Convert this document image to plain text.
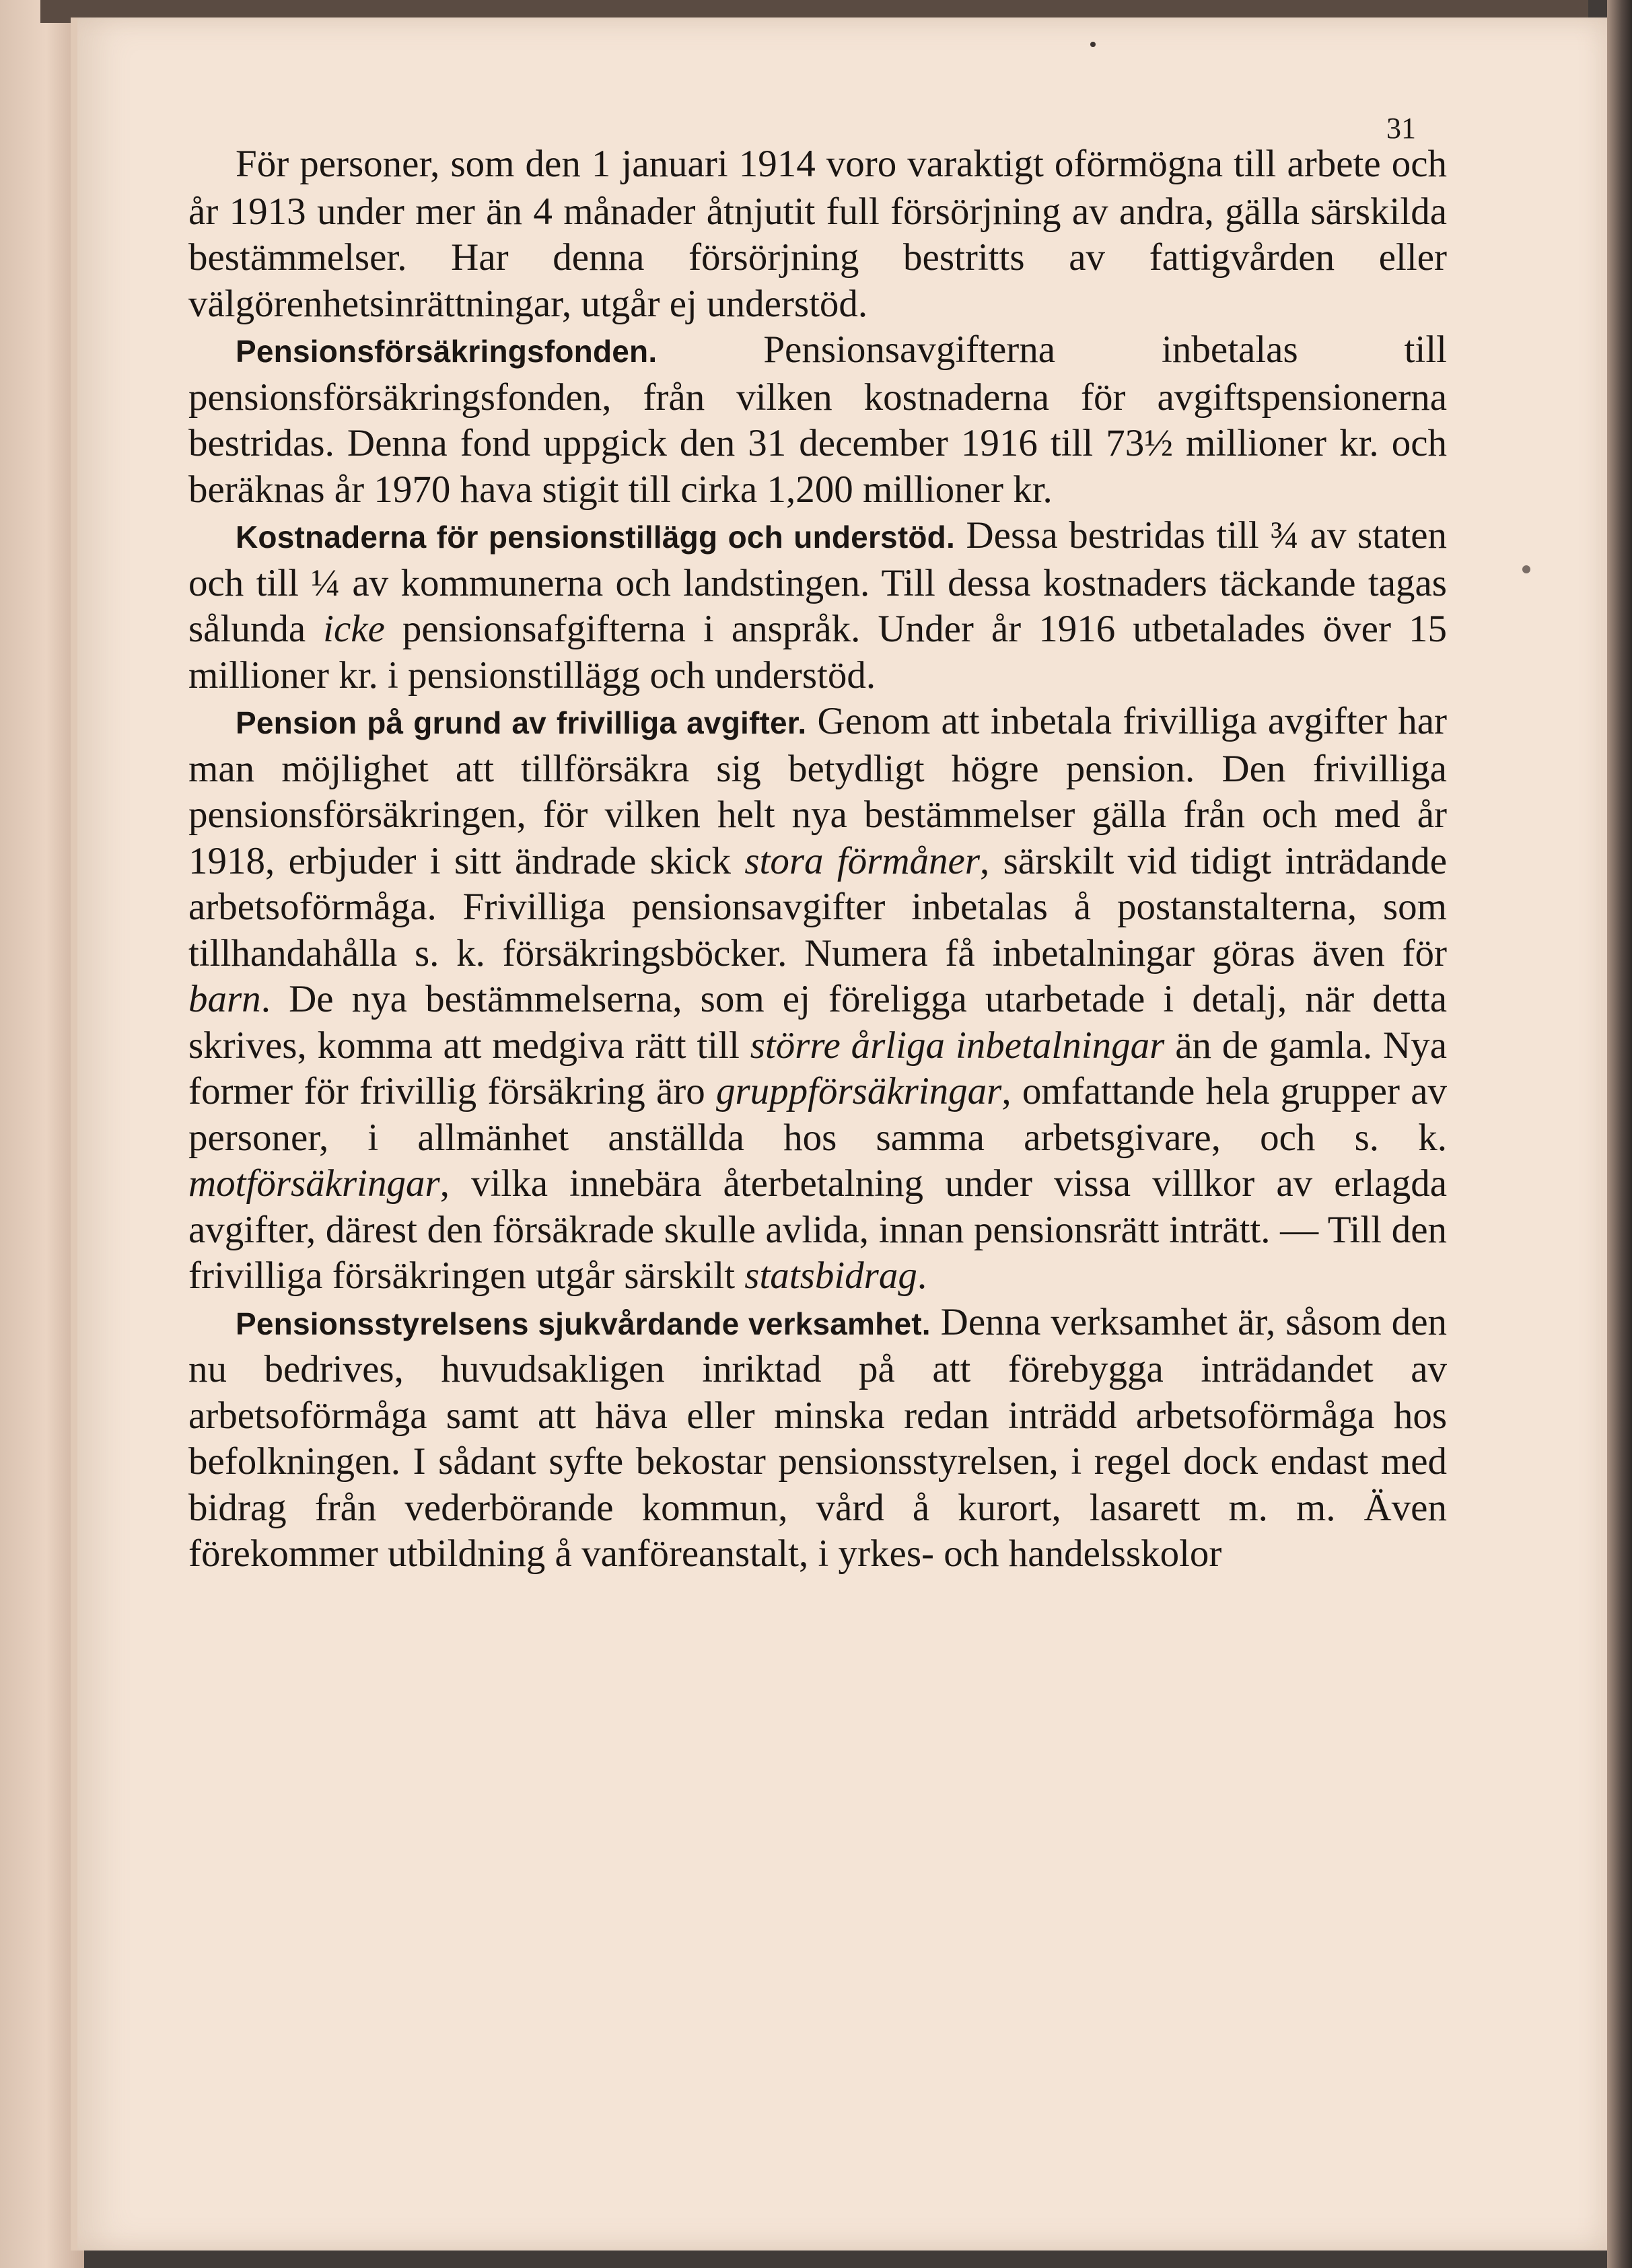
31

För personer, som den 1 januari 1914 voro varaktigt oförmögna till arbete och år 1913 under mer än 4 månader åtnjutit full försörjning av andra, gälla särskilda bestämmelser. Har denna försörjning bestritts av fattigvården eller välgörenhetsinrättningar, utgår ej understöd.

Pensionsförsäkringsfonden. Pensionsavgifterna inbetalas till pensionsförsäkringsfonden, från vilken kostnaderna för avgiftspensionerna bestridas. Denna fond uppgick den 31 december 1916 till 73½ millioner kr. och beräknas år 1970 hava stigit till cirka 1,200 millioner kr.

Kostnaderna för pensionstillägg och understöd. Dessa bestridas till ¾ av staten och till ¼ av kommunerna och landstingen. Till dessa kostnaders täckande tagas sålunda icke pensionsafgifterna i anspråk. Under år 1916 utbetalades över 15 millioner kr. i pensionstillägg och understöd.

Pension på grund av frivilliga avgifter. Genom att inbetala frivilliga avgifter har man möjlighet att tillförsäkra sig betydligt högre pension. Den frivilliga pensionsförsäkringen, för vilken helt nya bestämmelser gälla från och med år 1918, erbjuder i sitt ändrade skick stora förmåner, särskilt vid tidigt inträdande arbetsoförmåga. Frivilliga pensionsavgifter inbetalas å postanstalterna, som tillhandahålla s. k. försäkringsböcker. Numera få inbetalningar göras även för barn. De nya bestämmelserna, som ej föreligga utarbetade i detalj, när detta skrives, komma att medgiva rätt till större årliga inbetalningar än de gamla. Nya former för frivillig försäkring äro gruppförsäkringar, omfattande hela grupper av personer, i allmänhet anställda hos samma arbetsgivare, och s. k. motförsäkringar, vilka innebära återbetalning under vissa villkor av erlagda avgifter, därest den försäkrade skulle avlida, innan pensionsrätt inträtt. — Till den frivilliga försäkringen utgår särskilt statsbidrag.

Pensionsstyrelsens sjukvårdande verksamhet. Denna verksamhet är, såsom den nu bedrives, huvudsakligen inriktad på att förebygga inträdandet av arbetsoförmåga samt att häva eller minska redan inträdd arbetsoförmåga hos befolkningen. I sådant syfte bekostar pensionsstyrelsen, i regel dock endast med bidrag från vederbörande kommun, vård å kurort, lasarett m. m. Även förekommer utbildning å vanföreanstalt, i yrkes- och handelsskolor
